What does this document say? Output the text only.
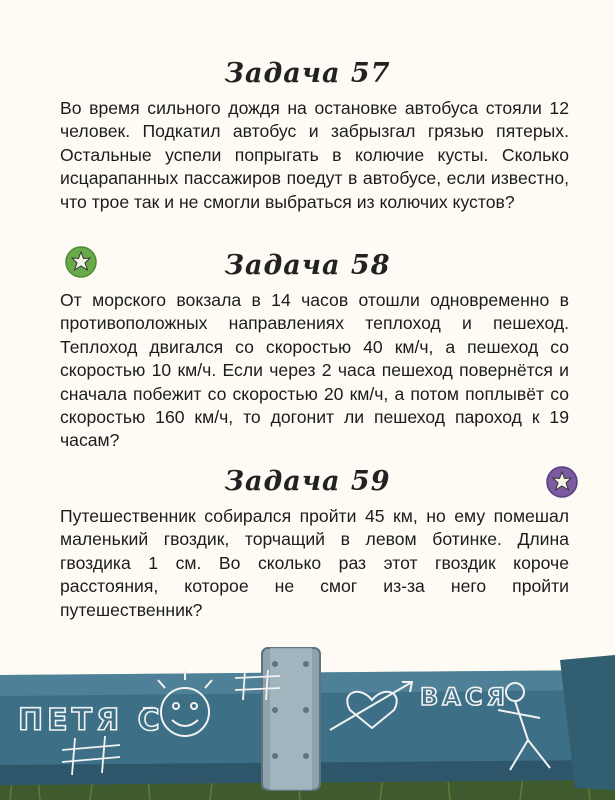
Задача 57

Во время сильного дождя на остановке автобуса стояли 12 человек. Подкатил автобус и забрызгал грязью пятерых. Остальные успели попрыгать в колючие кусты. Сколько исцарапанных пассажиров поедут в автобусе, если известно, что трое так и не смогли выбраться из колючих кустов?

Задача 58

От морского вокзала в 14 часов отошли одновременно в противоположных направлениях теплоход и пешеход. Теплоход двигался со скоростью 40 км/ч, а пешеход со скоростью 10 км/ч. Если через 2 часа пешеход повернётся и сначала побежит со скоростью 20 км/ч, а потом поплывёт со скоростью 160 км/ч, то догонит ли пешеход пароход к 19 часам?

Задача 59

Путешественник собирался пройти 45 км, но ему помешал маленький гвоздик, торчащий в левом ботинке. Длина гвоздика 1 см. Во сколько раз этот гвоздик короче расстояния, которое не смог из-за него пройти путешественник?

ПЕТЯ С
ВАСЯ
